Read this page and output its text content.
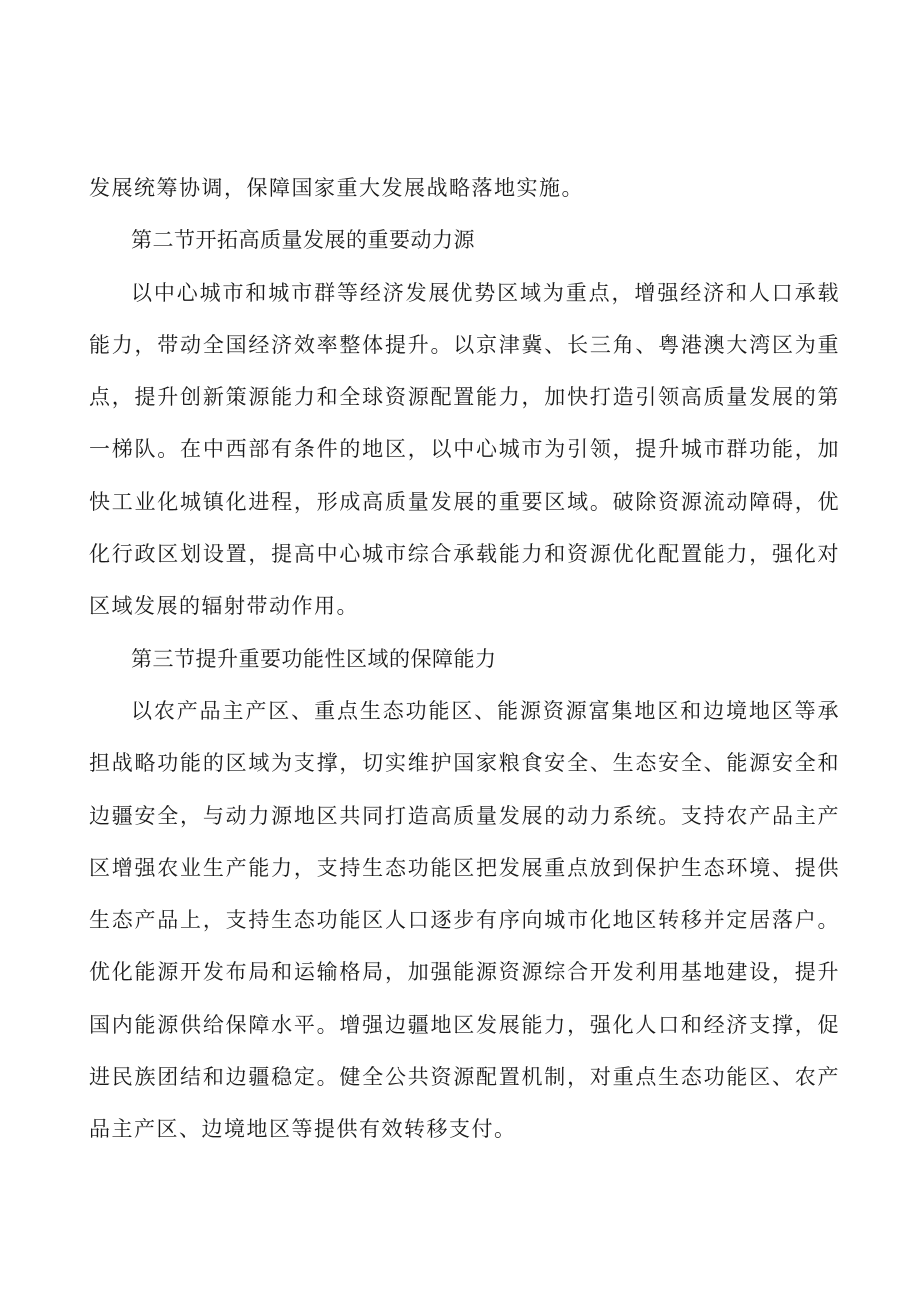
发展统筹协调，保障国家重大发展战略落地实施。

第二节开拓高质量发展的重要动力源

以中心城市和城市群等经济发展优势区域为重点，增强经济和人口承载能力，带动全国经济效率整体提升。以京津冀、长三角、粤港澳大湾区为重点，提升创新策源能力和全球资源配置能力，加快打造引领高质量发展的第一梯队。在中西部有条件的地区，以中心城市为引领，提升城市群功能，加快工业化城镇化进程，形成高质量发展的重要区域。破除资源流动障碍，优化行政区划设置，提高中心城市综合承载能力和资源优化配置能力，强化对区域发展的辐射带动作用。

第三节提升重要功能性区域的保障能力

以农产品主产区、重点生态功能区、能源资源富集地区和边境地区等承担战略功能的区域为支撑，切实维护国家粮食安全、生态安全、能源安全和边疆安全，与动力源地区共同打造高质量发展的动力系统。支持农产品主产区增强农业生产能力，支持生态功能区把发展重点放到保护生态环境、提供生态产品上，支持生态功能区人口逐步有序向城市化地区转移并定居落户。优化能源开发布局和运输格局，加强能源资源综合开发利用基地建设，提升国内能源供给保障水平。增强边疆地区发展能力，强化人口和经济支撑，促进民族团结和边疆稳定。健全公共资源配置机制，对重点生态功能区、农产品主产区、边境地区等提供有效转移支付。
